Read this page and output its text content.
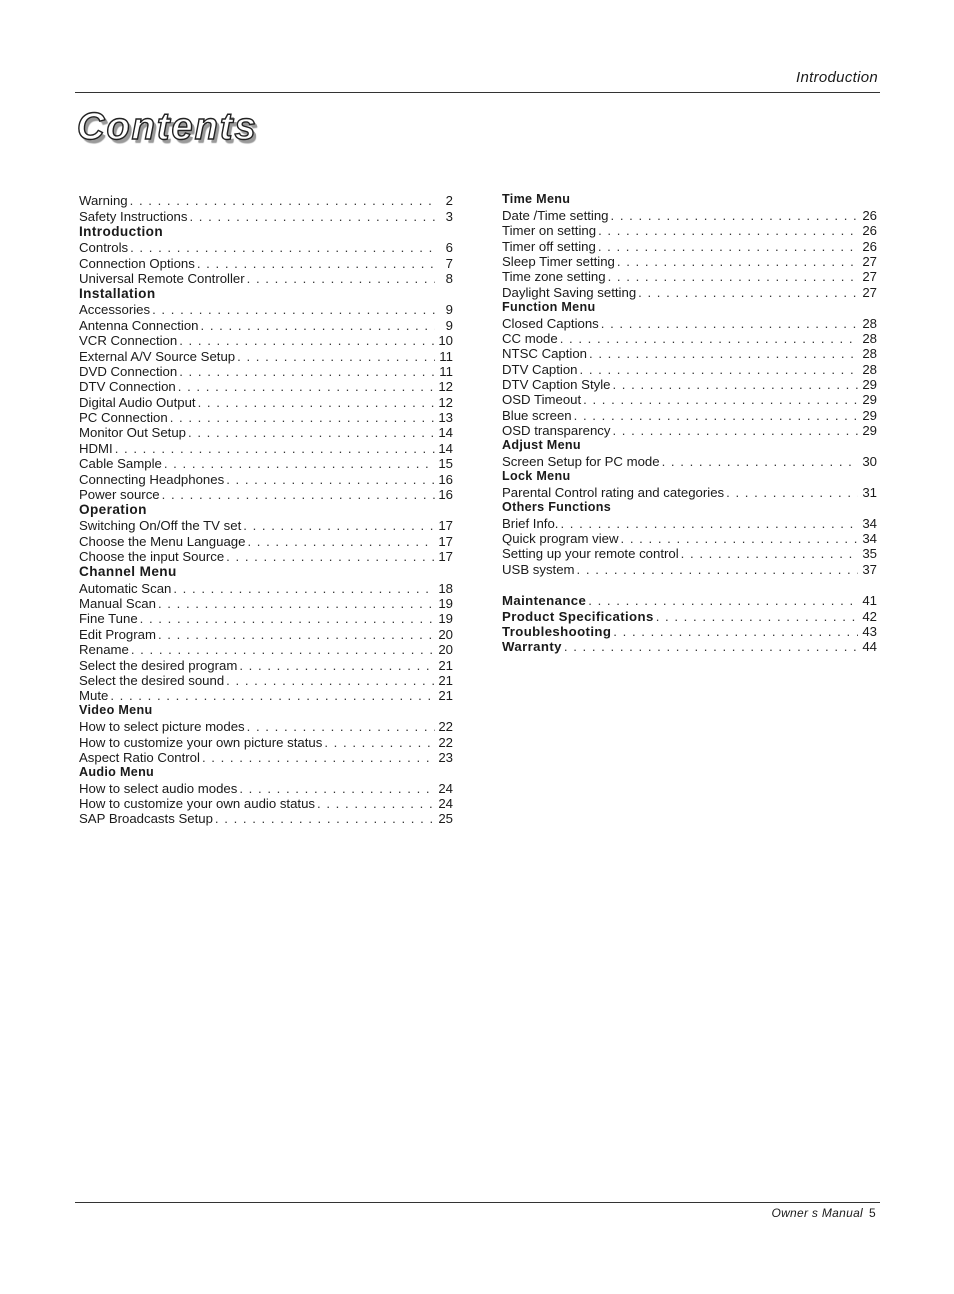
Introduction
Contents
Warning . . .	2
Safety Instructions . . .	3
Introduction
Controls . . .	6
Connection Options . . .	7
Universal Remote Controller . . .	8
Installation
Accessories . . .	9
Antenna Connection . . .	9
VCR Connection . . .	10
External A/V Source Setup . . .	11
DVD Connection . . .	11
DTV Connection . . .	12
Digital Audio Output . . .	12
PC Connection . . .	13
Monitor Out Setup . . .	14
HDMI . . .	14
Cable Sample . . .	15
Connecting Headphones . . .	16
Power source . . .	16
Operation
Switching On/Off the TV set . . .	17
Choose the Menu Language . . .	17
Choose the input Source . . .	17
Channel Menu
Automatic Scan . . .	18
Manual Scan . . .	19
Fine Tune . . .	19
Edit Program . . .	20
Rename . . .	20
Select the desired program . . .	21
Select the desired sound . . .	21
Mute . . .	21
Video Menu
How to select picture modes . . .	22
How to customize your own picture status . . .	22
Aspect Ratio Control . . .	23
Audio Menu
How to select audio modes . . .	24
How to customize your own audio status . . .	24
SAP Broadcasts Setup . . .	25
Time Menu
Date /Time setting . . .	26
Timer on setting . . .	26
Timer off setting . . .	26
Sleep Timer setting . . .	27
Time zone setting . . .	27
Daylight Saving setting . . .	27
Function Menu
Closed Captions . . .	28
CC mode . . .	28
NTSC Caption . . .	28
DTV Caption . . .	28
DTV Caption Style . . .	29
OSD Timeout . . .	29
Blue screen . . .	29
OSD transparency . . .	29
Adjust Menu
Screen Setup for PC mode . . .	30
Lock Menu
Parental Control rating and categories . . .	31
Others Functions
Brief Info. . . .	34
Quick program view . . .	34
Setting up your remote control . . .	35
USB system . . .	37
Maintenance . . .	41
Product Specifications . . .	42
Troubleshooting . . .	43
Warranty . . .	44
Owner s Manual 5
